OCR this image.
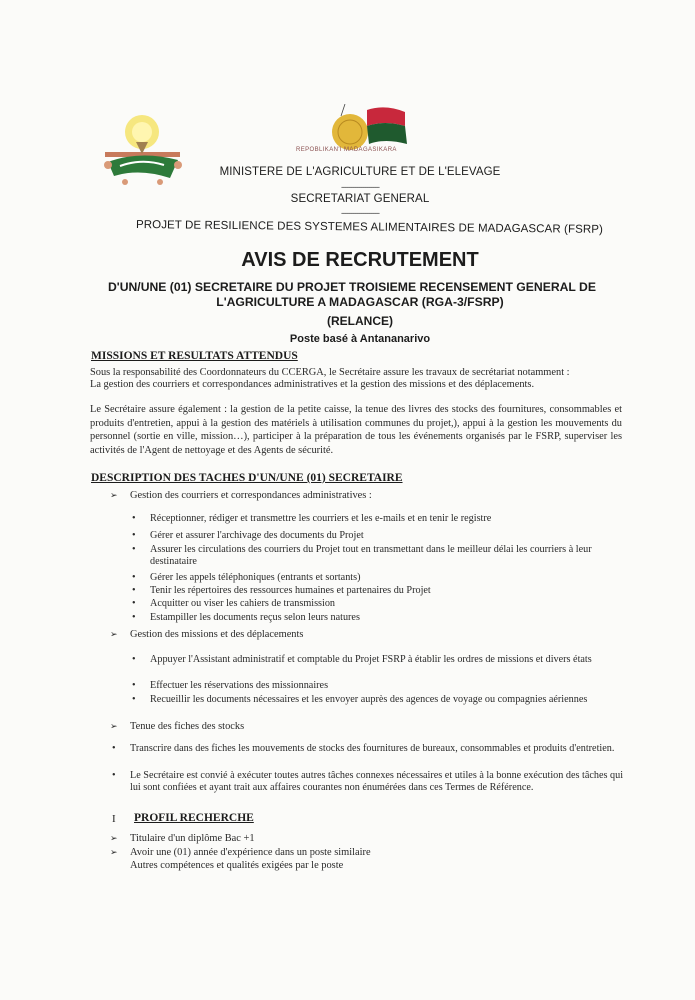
REPOBLIKAN'I MADAGASIKARA
MINISTERE DE L'AGRICULTURE ET DE L'ELEVAGE
-------------------
SECRETARIAT GENERAL
-------------------
PROJET DE RESILIENCE DES SYSTEMES ALIMENTAIRES DE MADAGASCAR (FSRP)
AVIS DE RECRUTEMENT
D'UN/UNE (01) SECRETAIRE DU PROJET TROISIEME RECENSEMENT GENERAL DE
L'AGRICULTURE A MADAGASCAR (RGA-3/FSRP)
(RELANCE)
Poste basé à Antananarivo
MISSIONS ET RESULTATS ATTENDUS
Sous la responsabilité des Coordonnateurs du CCERGA, le Secrétaire assure les travaux de secrétariat notamment :
La gestion des courriers et correspondances administratives et la gestion des missions et des déplacements.
Le Secrétaire assure également : la gestion de la petite caisse, la tenue des livres des stocks des fournitures, consommables et produits d'entretien, appui à la gestion des matériels à utilisation communes du projet,), appui à la gestion les mouvements du personnel (sortie en ville, mission…), participer à la préparation de tous les événements organisés par le FSRP, superviser les activités de l'Agent de nettoyage et des Agents de sécurité.
DESCRIPTION DES TACHES D'UN/UNE (01) SECRETAIRE
➢ Gestion des courriers et correspondances administratives :
•	Réceptionner, rédiger et transmettre les courriers et les e-mails et en tenir le registre
•	Gérer et assurer l'archivage des documents du Projet
•	Assurer les circulations des courriers du Projet tout en transmettant dans le meilleur délai les courriers à leur destinataire
•	Gérer les appels téléphoniques (entrants et sortants)
•	Tenir les répertoires des ressources humaines et partenaires du Projet
•	Acquitter ou viser les cahiers de transmission
•	Estampiller les documents reçus selon leurs natures
➢ Gestion des missions et des déplacements
•	Appuyer l'Assistant administratif et comptable du Projet FSRP à établir les ordres de missions et divers états
•	Effectuer les réservations des missionnaires
•	Recueillir les documents nécessaires et les envoyer auprès des agences de voyage ou compagnies aériennes
➢ Tenue des fiches des stocks
•	Transcrire dans des fiches les mouvements de stocks des fournitures de bureaux, consommables et produits d'entretien.
•	Le Secrétaire est convié à exécuter toutes autres tâches connexes nécessaires et utiles à la bonne exécution des tâches qui lui sont confiées et ayant trait aux affaires courantes non énumérées dans ces Termes de Référence.
I PROFIL RECHERCHE
➢ Titulaire d'un diplôme Bac +1
➢ Avoir une (01) année d'expérience dans un poste similaire
Autres compétences et qualités exigées par le poste
